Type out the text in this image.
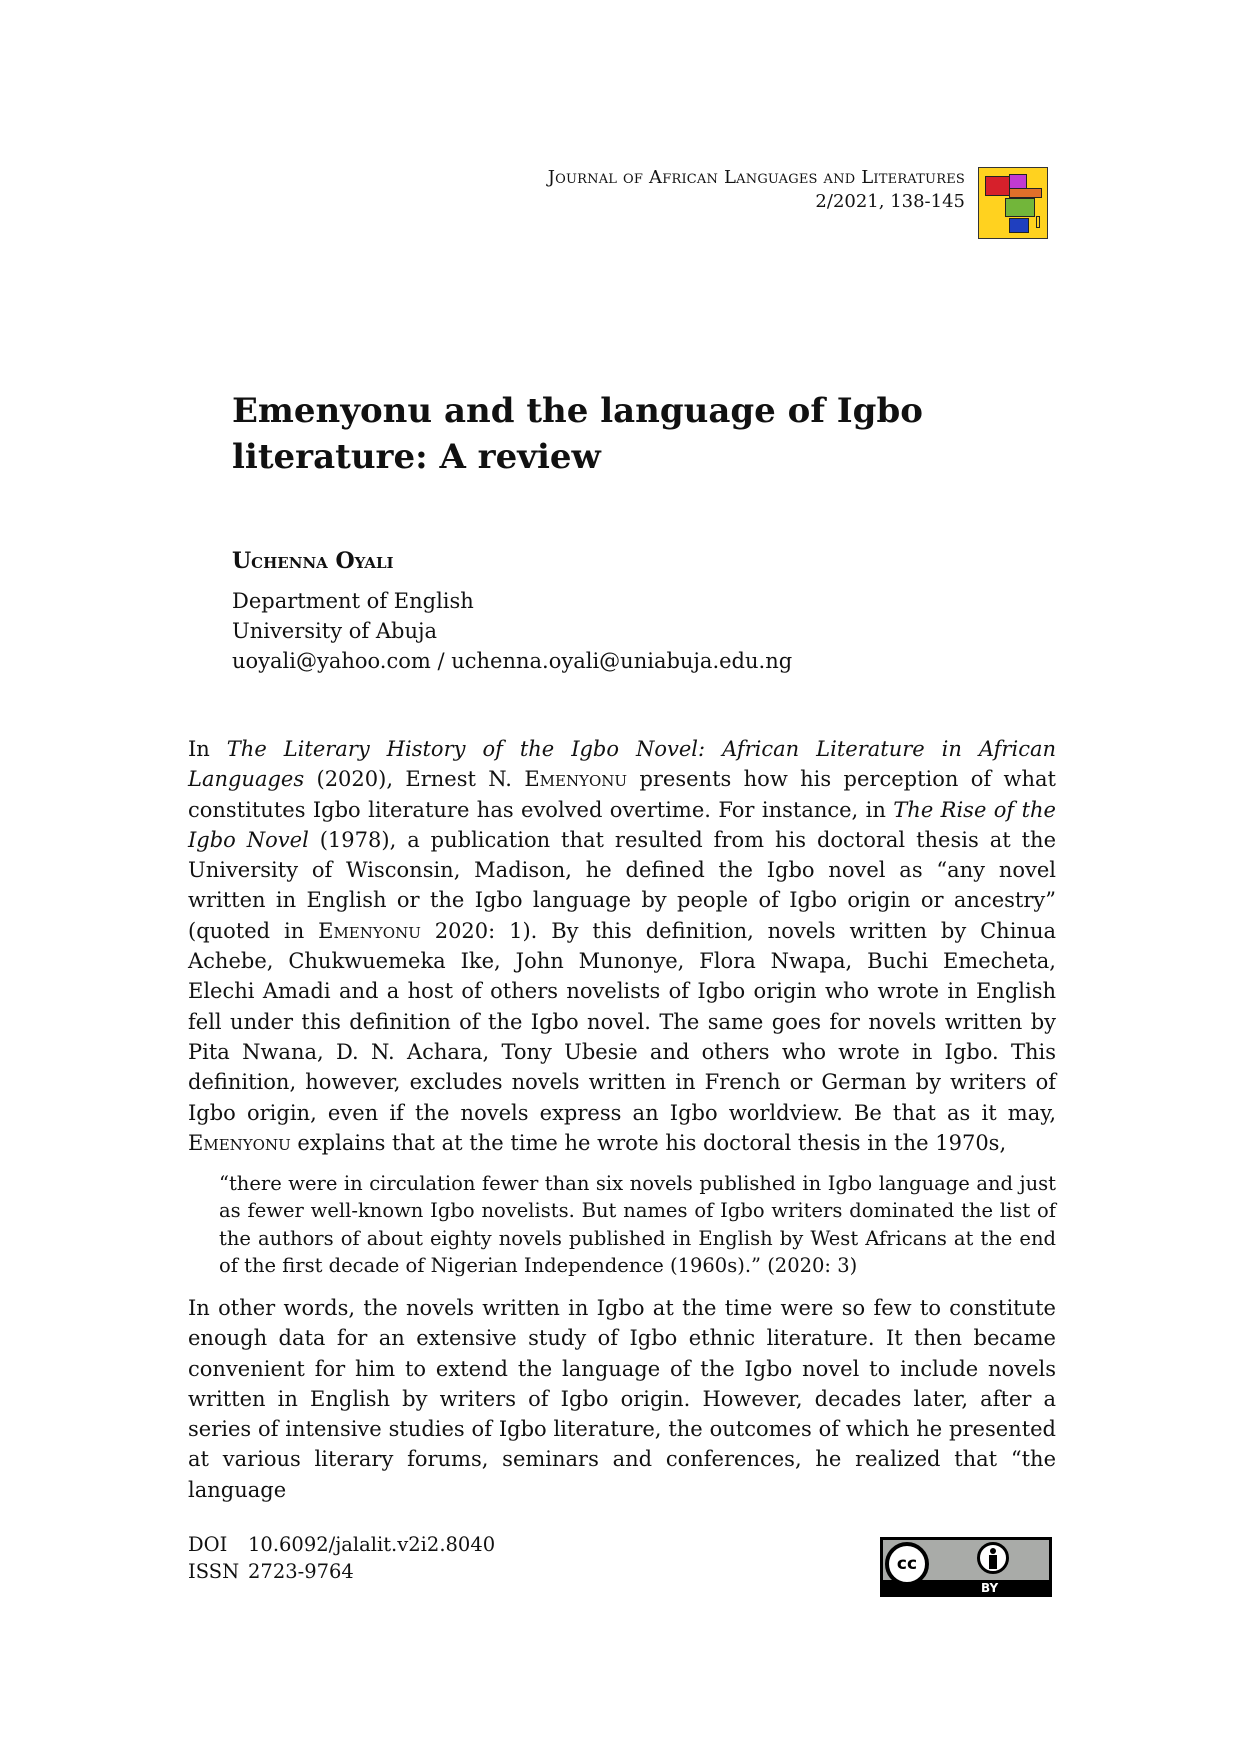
Journal of African Languages and Literatures
2/2021, 138-145
Emenyonu and the language of Igbo
literature: A review
Uchenna Oyali
Department of English
University of Abuja
uoyali@yahoo.com / uchenna.oyali@uniabuja.edu.ng

In The Literary History of the Igbo Novel: African Literature in African Languages (2020), Ernest N. Emenyonu presents how his perception of what constitutes Igbo literature has evolved overtime. For instance, in The Rise of the Igbo Novel (1978), a publication that resulted from his doctoral thesis at the University of Wisconsin, Madison, he defined the Igbo novel as “any novel written in English or the Igbo language by people of Igbo origin or ancestry” (quoted in Emenyonu 2020: 1). By this definition, novels written by Chinua Achebe, Chukwuemeka Ike, John Munonye, Flora Nwapa, Buchi Emecheta, Elechi Amadi and a host of others novelists of Igbo origin who wrote in English fell under this definition of the Igbo novel. The same goes for novels written by Pita Nwana, D. N. Achara, Tony Ubesie and others who wrote in Igbo. This definition, however, excludes novels written in French or German by writers of Igbo origin, even if the novels express an Igbo worldview. Be that as it may, Emenyonu explains that at the time he wrote his doctoral thesis in the 1970s,

“there were in circulation fewer than six novels published in Igbo language and just as fewer well-known Igbo novelists. But names of Igbo writers dominated the list of the authors of about eighty novels published in English by West Africans at the end of the first decade of Nigerian Independence (1960s).” (2020: 3)

In other words, the novels written in Igbo at the time were so few to constitute enough data for an extensive study of Igbo ethnic literature. It then became convenient for him to extend the language of the Igbo novel to include novels written in English by writers of Igbo origin. However, decades later, after a series of intensive studies of Igbo literature, the outcomes of which he presented at various literary forums, seminars and conferences, he realized that “the language

DOI 10.6092/jalalit.v2i2.8040
ISSN 2723-9764	cc
BY
